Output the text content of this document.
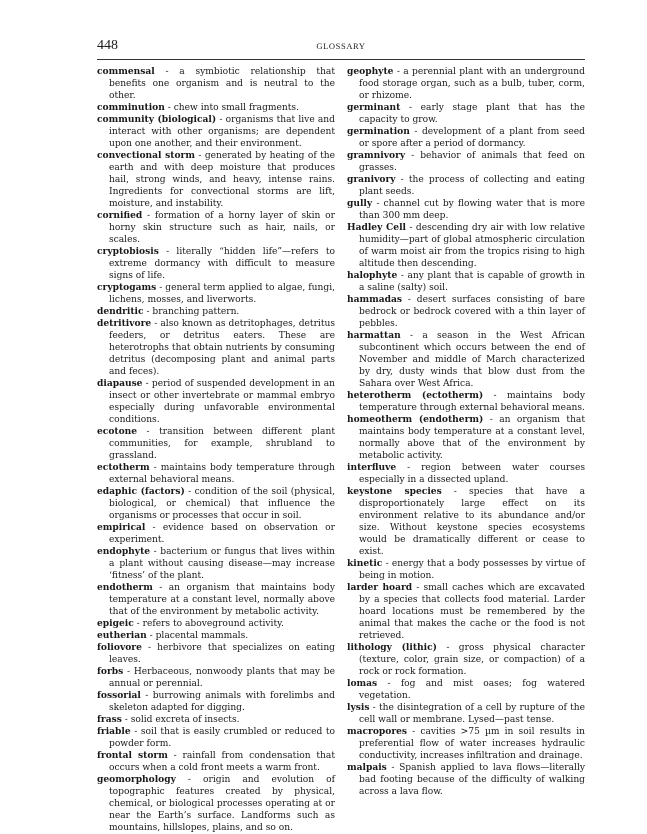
448	GLOSSARY

commensal - a symbiotic relationship that benefits one organism and is neutral to the other.

comminution - chew into small fragments.

community (biological) - organisms that live and interact with other organisms; are dependent upon one another, and their environment.

convectional storm - generated by heating of the earth and with deep moisture that produces hail, strong winds, and heavy, intense rains. Ingredients for convectional storms are lift, moisture, and instability.

cornified - formation of a horny layer of skin or horny skin structure such as hair, nails, or scales.

cryptobiosis - literally “hidden life”—refers to extreme dormancy with difficult to measure signs of life.

cryptogams - general term applied to algae, fungi, lichens, mosses, and liverworts.

dendritic - branching pattern.

detritivore - also known as detritophages, detritus feeders, or detritus eaters. These are heterotrophs that obtain nutrients by consuming detritus (decomposing plant and animal parts and feces).

diapause - period of suspended development in an insect or other invertebrate or mammal embryo especially during unfavorable environmental conditions.

ecotone - transition between different plant communities, for example, shrubland to grassland.

ectotherm - maintains body temperature through external behavioral means.

edaphic (factors) - condition of the soil (physical, biological, or chemical) that influence the organisms or processes that occur in soil.

empirical - evidence based on observation or experiment.

endophyte - bacterium or fungus that lives within a plant without causing disease—may increase ‘fitness’ of the plant.

endotherm - an organism that maintains body temperature at a constant level, normally above that of the environment by metabolic activity.

epigeic - refers to aboveground activity.

eutherian - placental mammals.

foliovore - herbivore that specializes on eating leaves.

forbs - Herbaceous, nonwoody plants that may be annual or perennial.

fossorial - burrowing animals with forelimbs and skeleton adapted for digging.

frass - solid excreta of insects.

friable - soil that is easily crumbled or reduced to powder form.

frontal storm - rainfall from condensation that occurs when a cold front meets a warm front.

geomorphology - origin and evolution of topographic features created by physical, chemical, or biological processes operating at or near the Earth’s surface. Landforms such as mountains, hillslopes, plains, and so on.

geophyte - a perennial plant with an underground food storage organ, such as a bulb, tuber, corm, or rhizome.

germinant - early stage plant that has the capacity to grow.

germination - development of a plant from seed or spore after a period of dormancy.

gramnivory - behavior of animals that feed on grasses.

granivory - the process of collecting and eating plant seeds.

gully - channel cut by flowing water that is more than 300 mm deep.

Hadley Cell - descending dry air with low relative humidity—part of global atmospheric circulation of warm moist air from the tropics rising to high altitude then descending.

halophyte - any plant that is capable of growth in a saline (salty) soil.

hammadas - desert surfaces consisting of bare bedrock or bedrock covered with a thin layer of pebbles.

harmattan - a season in the West African subcontinent which occurs between the end of November and middle of March characterized by dry, dusty winds that blow dust from the Sahara over West Africa.

heterotherm (ectotherm) - maintains body temperature through external behavioral means.

homeotherm (endotherm) - an organism that maintains body temperature at a constant level, normally above that of the environment by metabolic activity.

interfluve - region between water courses especially in a dissected upland.

keystone species - species that have a disproportionately large effect on its environment relative to its abundance and/or size. Without keystone species ecosystems would be dramatically different or cease to exist.

kinetic - energy that a body possesses by virtue of being in motion.

larder hoard - small caches which are excavated by a species that collects food material. Larder hoard locations must be remembered by the animal that makes the cache or the food is not retrieved.

lithology (lithic) - gross physical character (texture, color, grain size, or compaction) of a rock or rock formation.

lomas - fog and mist oases; fog watered vegetation.

lysis - the disintegration of a cell by rupture of the cell wall or membrane. Lysed—past tense.

macropores - cavities >75 µm in soil results in preferential flow of water increases hydraulic conductivity, increases infiltration and drainage.

malpais - Spanish applied to lava flows—literally bad footing because of the difficulty of walking across a lava flow.
